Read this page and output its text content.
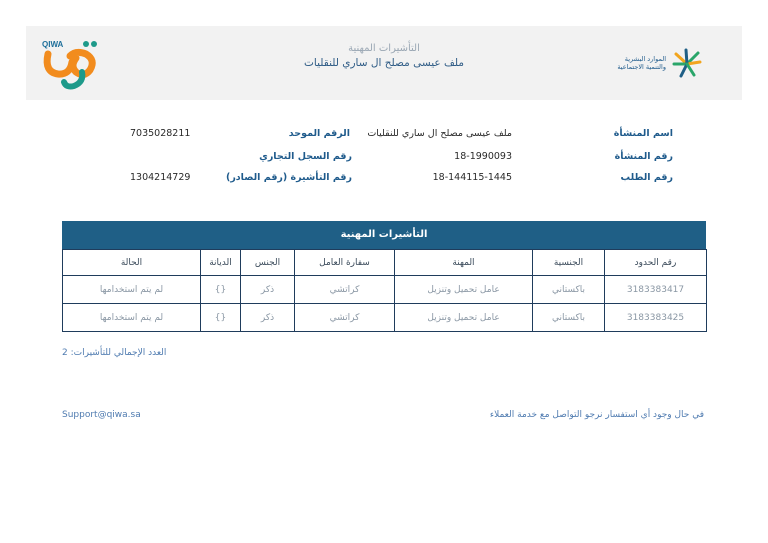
QIWA	التأشيرات المهنية
ملف عيسى مصلح ال ساري للنقليات	الموارد البشرية
والتنمية الاجتماعية
اسم المنشأة
ملف عيسى مصلح ال ساري للنقليات
الرقم الموحد
7035028211
رقم المنشأة
18-1990093
رقم السجل التجاري
رقم الطلب
18-144115-1445
رقم التأشيرة (رقم الصادر)
1304214729
التأشيرات المهنية
رقم الحدود	الجنسية	المهنة	سفارة العامل	الجنس	الديانة	الحالة
3183383417	باكستاني	عامل تحميل وتنزيل	كراتشي	ذكر	{}	لم يتم استخدامها
3183383425	باكستاني	عامل تحميل وتنزيل	كراتشي	ذكر	{}	لم يتم استخدامها
العدد الإجمالي للتأشيرات: 2
Support@qiwa.sa	في حال وجود أي استفسار نرجو التواصل مع خدمة العملاء
